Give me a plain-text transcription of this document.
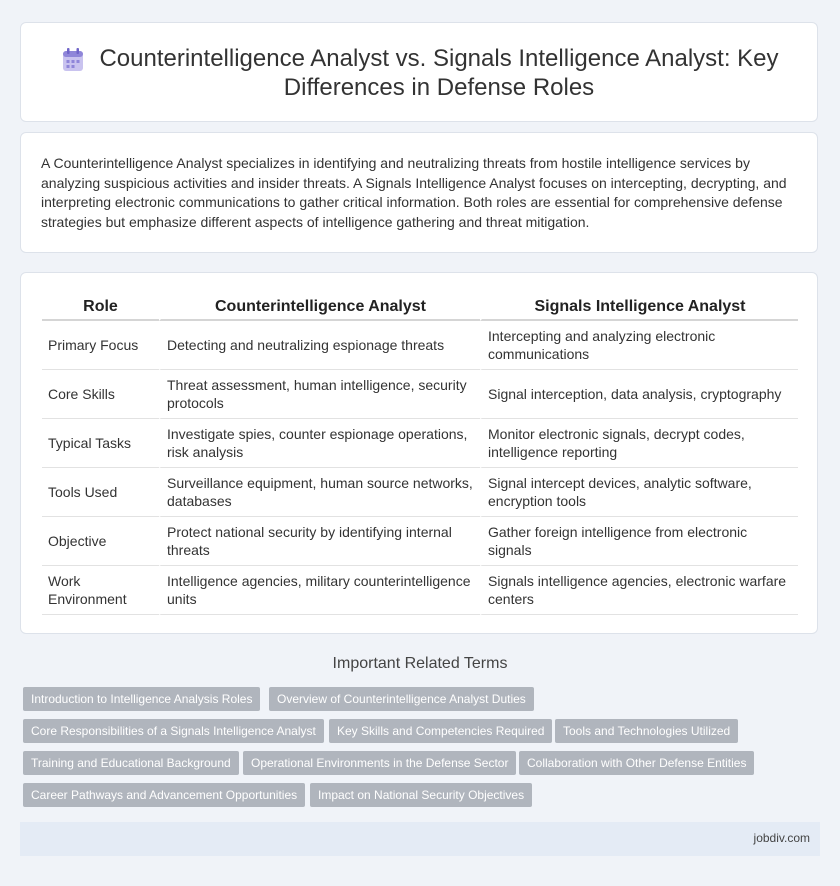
Counterintelligence Analyst vs. Signals Intelligence Analyst: Key Differences in Defense Roles

A Counterintelligence Analyst specializes in identifying and neutralizing threats from hostile intelligence services by analyzing suspicious activities and insider threats. A Signals Intelligence Analyst focuses on intercepting, decrypting, and interpreting electronic communications to gather critical information. Both roles are essential for comprehensive defense strategies but emphasize different aspects of intelligence gathering and threat mitigation.

Role	Counterintelligence Analyst	Signals Intelligence Analyst
Primary Focus	Detecting and neutralizing espionage threats	Intercepting and analyzing electronic communications
Core Skills	Threat assessment, human intelligence, security protocols	Signal interception, data analysis, cryptography
Typical Tasks	Investigate spies, counter espionage operations, risk analysis	Monitor electronic signals, decrypt codes, intelligence reporting
Tools Used	Surveillance equipment, human source networks, databases	Signal intercept devices, analytic software, encryption tools
Objective	Protect national security by identifying internal threats	Gather foreign intelligence from electronic signals
Work Environment	Intelligence agencies, military counterintelligence units	Signals intelligence agencies, electronic warfare centers
Important Related Terms
Introduction to Intelligence Analysis Roles	Overview of Counterintelligence Analyst Duties
Core Responsibilities of a Signals Intelligence Analyst	Key Skills and Competencies Required	Tools and Technologies Utilized
Training and Educational Background	Operational Environments in the Defense Sector	Collaboration with Other Defense Entities
Career Pathways and Advancement Opportunities	Impact on National Security Objectives
jobdiv.com
